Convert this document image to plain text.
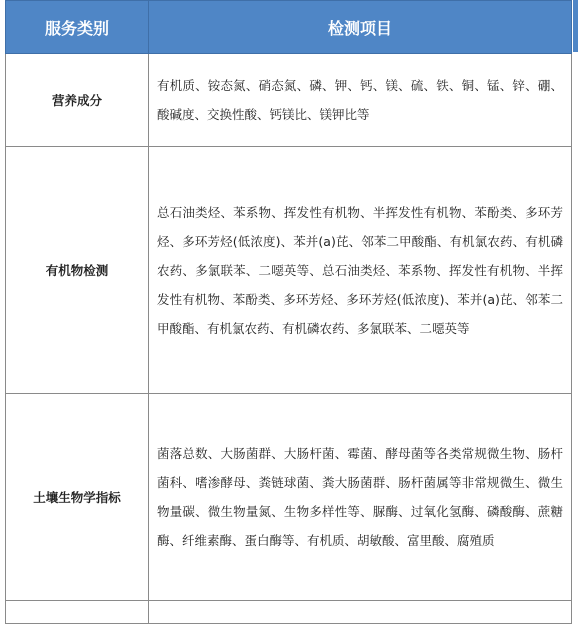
服务类别	检测项目
营养成分	有机质、铵态氮、硝态氮、磷、钾、钙、镁、硫、铁、铜、锰、锌、硼、酸碱度、交换性酸、钙镁比、镁钾比等
有机物检测	总石油类烃、苯系物、挥发性有机物、半挥发性有机物、苯酚类、多环芳烃、多环芳烃(低浓度)、苯并(a)芘、邻苯二甲酸酯、有机氯农药、有机磷农药、多氯联苯、二噁英等、总石油类烃、苯系物、挥发性有机物、半挥发性有机物、苯酚类、多环芳烃、多环芳烃(低浓度)、苯并(a)芘、邻苯二甲酸酯、有机氯农药、有机磷农药、多氯联苯、二噁英等
土壤生物学指标	菌落总数、大肠菌群、大肠杆菌、霉菌、酵母菌等各类常规微生物、肠杆菌科、嗜渗酵母、粪链球菌、粪大肠菌群、肠杆菌属等非常规微生、微生物量碳、微生物量氮、生物多样性等、脲酶、过氧化氢酶、磷酸酶、蔗糖酶、纤维素酶、蛋白酶等、有机质、胡敏酸、富里酸、腐殖质
